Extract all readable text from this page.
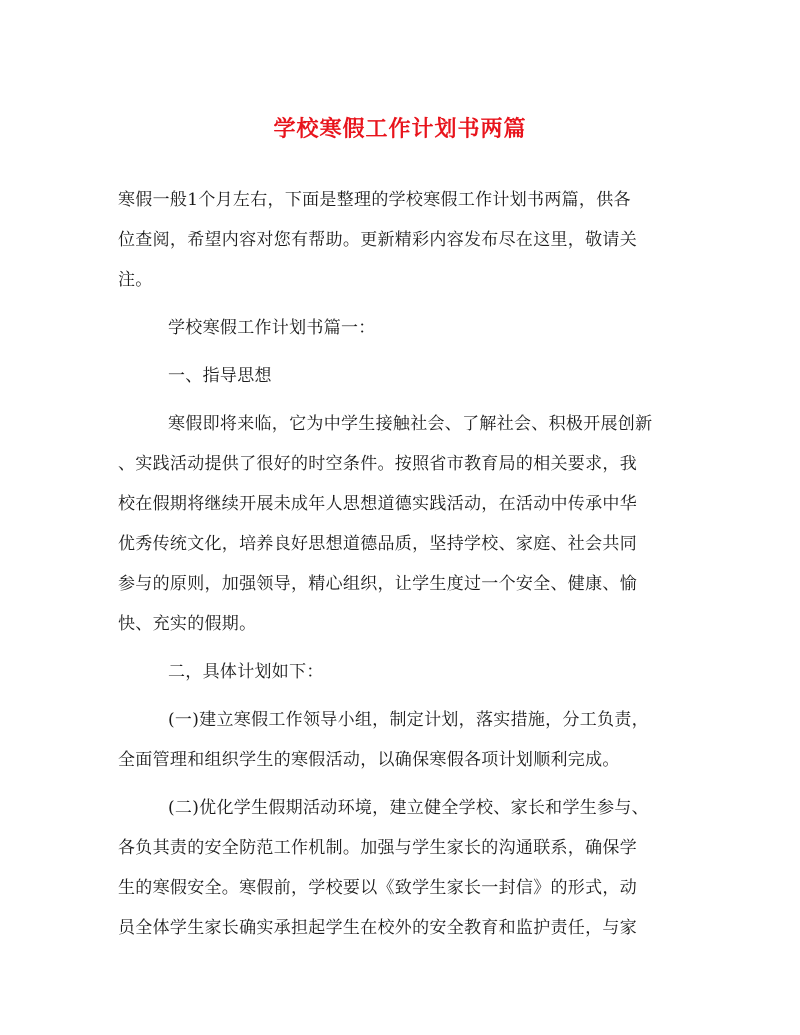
学校寒假工作计划书两篇

寒假一般1个月左右，下面是整理的学校寒假工作计划书两篇，供各
位查阅，希望内容对您有帮助。更新精彩内容发布尽在这里，敬请关
注。

学校寒假工作计划书篇一：

一、指导思想

寒假即将来临，它为中学生接触社会、了解社会、积极开展创新
、实践活动提供了很好的时空条件。按照省市教育局的相关要求，我
校在假期将继续开展未成年人思想道德实践活动，在活动中传承中华
优秀传统文化，培养良好思想道德品质，坚持学校、家庭、社会共同
参与的原则，加强领导，精心组织，让学生度过一个安全、健康、愉
快、充实的假期。

二，具体计划如下：

(一)建立寒假工作领导小组，制定计划，落实措施，分工负责，
全面管理和组织学生的寒假活动，以确保寒假各项计划顺利完成。

(二)优化学生假期活动环境，建立健全学校、家长和学生参与、
各负其责的安全防范工作机制。加强与学生家长的沟通联系，确保学
生的寒假安全。寒假前，学校要以《致学生家长一封信》的形式，动
员全体学生家长确实承担起学生在校外的安全教育和监护责任，与家
